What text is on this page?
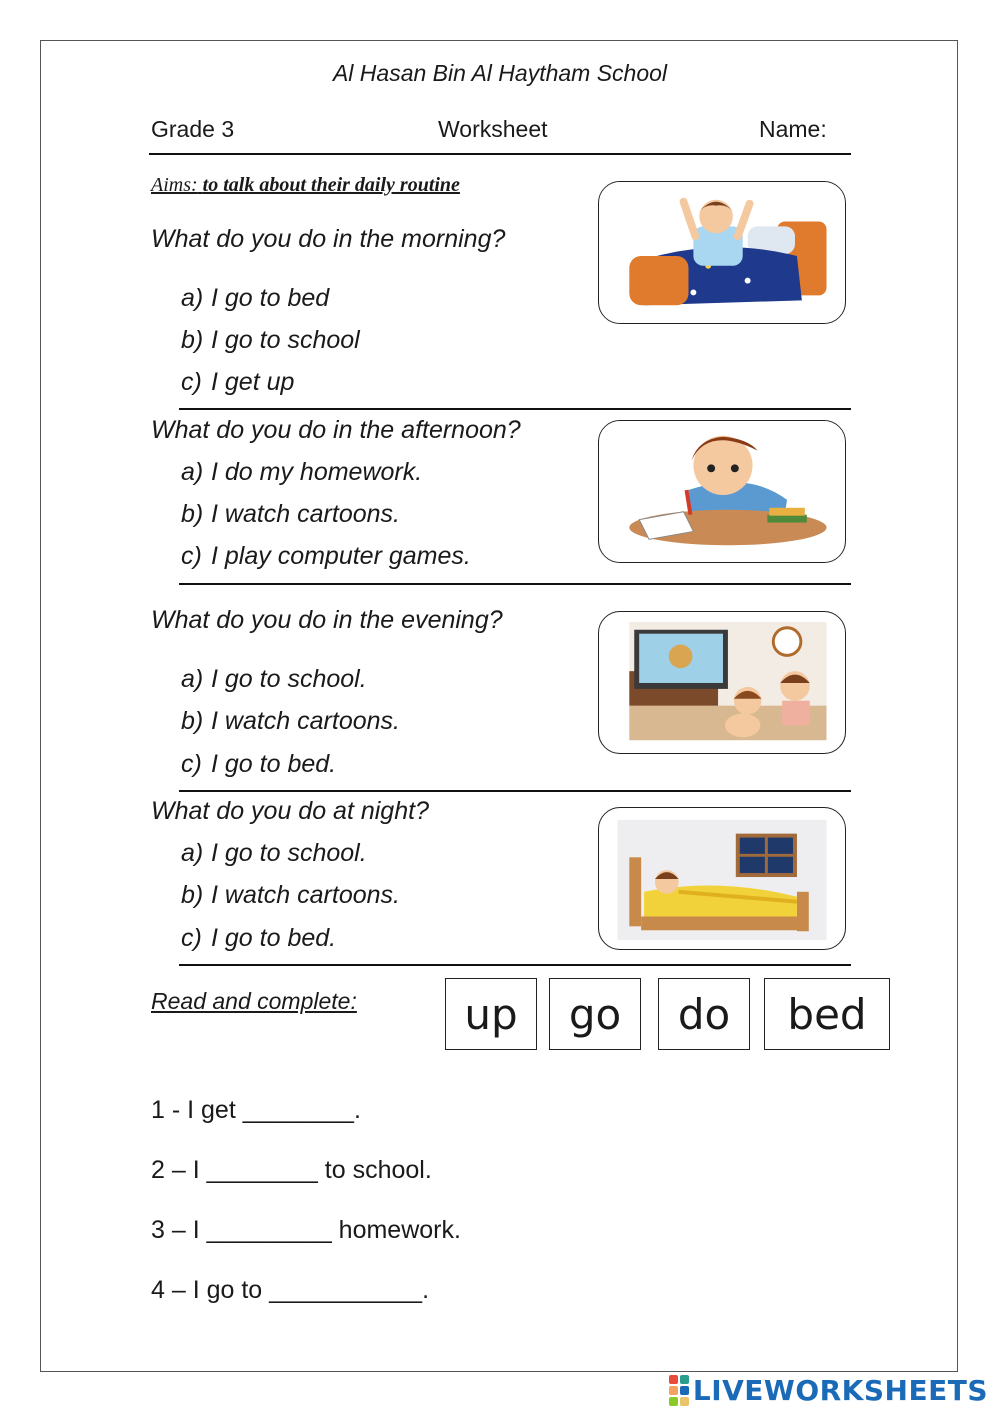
Al Hasan Bin Al Haytham School
Grade 3	Worksheet	Name:
Aims: to talk about their daily routine
What do you do in the morning?
a) I go to bed
b) I go to school
c) I get up
What do you do in the afternoon?
a) I do my homework.
b) I watch cartoons.
c) I play computer games.
What do you do in the evening?
a) I go to school.
b) I watch cartoons.
c) I go to bed.
What do you do at night?
a) I go to school.
b) I watch cartoons.
c) I go to bed.
Read and complete:	up	go	do	bed
1 - I get ________.
2 – I ________ to school.
3 – I _________ homework.
4 – I go to ___________.
LIVEWORKSHEETS
